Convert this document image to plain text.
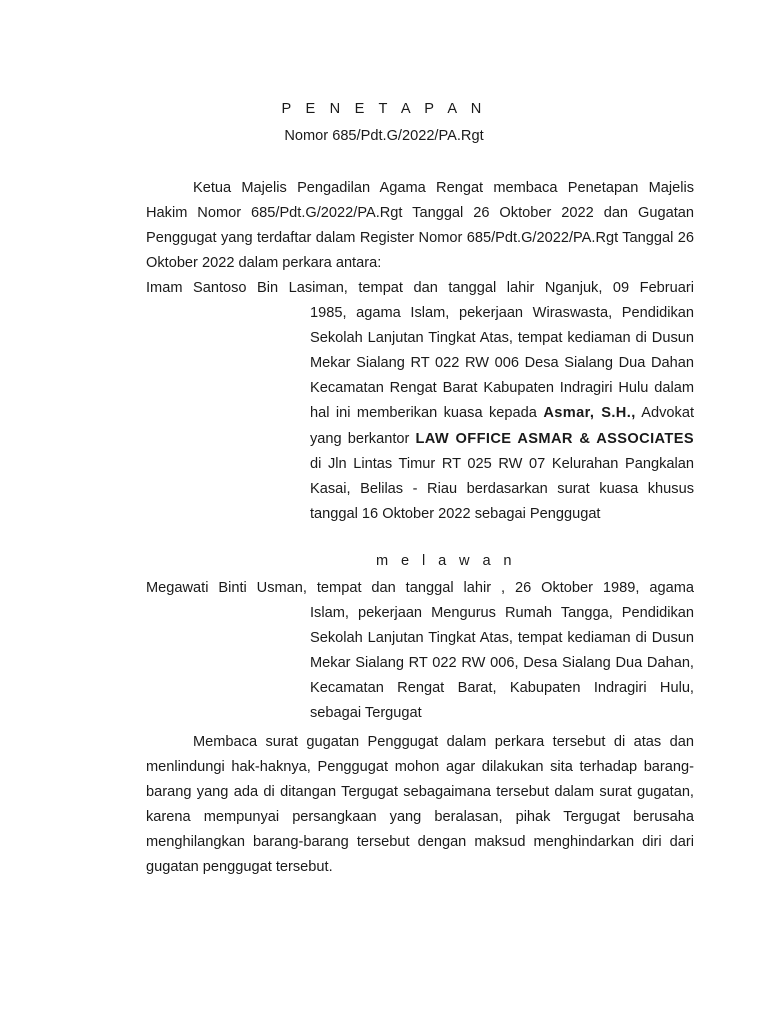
P E N E T A P A N
Nomor 685/Pdt.G/2022/PA.Rgt
Ketua Majelis Pengadilan Agama Rengat membaca Penetapan Majelis Hakim Nomor 685/Pdt.G/2022/PA.Rgt Tanggal 26 Oktober 2022 dan Gugatan Penggugat yang terdaftar dalam Register Nomor 685/Pdt.G/2022/PA.Rgt Tanggal 26 Oktober 2022 dalam perkara antara:
Imam Santoso Bin Lasiman, tempat dan tanggal lahir Nganjuk, 09 Februari
1985, agama Islam, pekerjaan Wiraswasta, Pendidikan Sekolah Lanjutan Tingkat Atas, tempat kediaman di Dusun Mekar Sialang RT 022 RW 006 Desa Sialang Dua Dahan Kecamatan Rengat Barat Kabupaten Indragiri Hulu dalam hal ini memberikan kuasa kepada Asmar, S.H., Advokat yang berkantor LAW OFFICE ASMAR & ASSOCIATES di Jln Lintas Timur RT 025 RW 07 Kelurahan Pangkalan Kasai, Belilas - Riau berdasarkan surat kuasa khusus tanggal 16 Oktober 2022 sebagai Penggugat
m e l a w a n
Megawati Binti Usman, tempat dan tanggal lahir , 26 Oktober 1989, agama
Islam, pekerjaan Mengurus Rumah Tangga, Pendidikan Sekolah Lanjutan Tingkat Atas, tempat kediaman di Dusun Mekar Sialang RT 022 RW 006, Desa Sialang Dua Dahan, Kecamatan Rengat Barat, Kabupaten Indragiri Hulu, sebagai Tergugat
Membaca surat gugatan Penggugat dalam perkara tersebut di atas dan menlindungi hak-haknya, Penggugat mohon agar dilakukan sita terhadap barang-barang yang ada di ditangan Tergugat sebagaimana tersebut dalam surat gugatan, karena mempunyai persangkaan yang beralasan, pihak Tergugat berusaha menghilangkan barang-barang tersebut dengan maksud menghindarkan diri dari gugatan penggugat tersebut.
